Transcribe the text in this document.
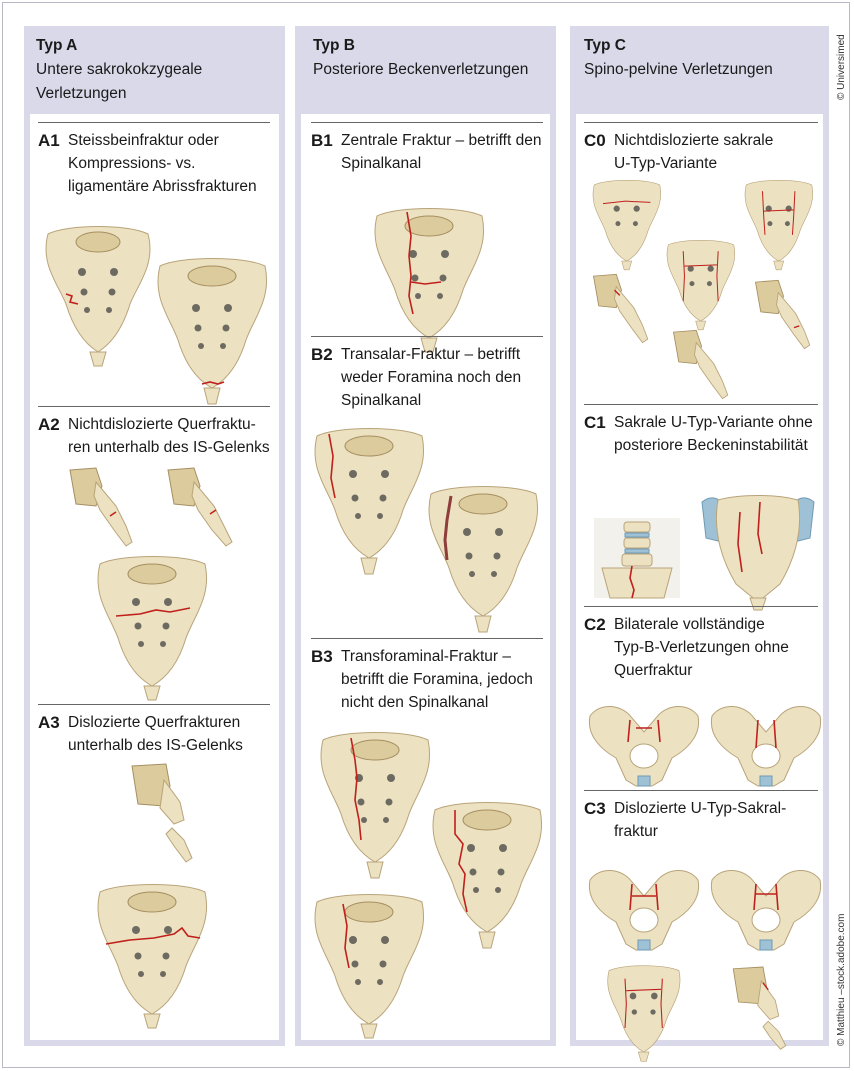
Typ A
Untere sakrokokzygeale
Verletzungen
A1 Steissbeinfraktur oder
Kompressions- vs.
ligamentäre Abrissfrakturen
A2 Nichtdislozierte Querfraktu-
ren unterhalb des IS-Gelenks
A3 Dislozierte Querfrakturen
unterhalb des IS-Gelenks
Typ B
Posteriore Beckenverletzungen
B1 Zentrale Fraktur – betrifft den
Spinalkanal
B2 Transalar-Fraktur – betrifft
weder Foramina noch den
Spinalkanal
B3 Transforaminal-Fraktur –
betrifft die Foramina, jedoch
nicht den Spinalkanal
Typ C
Spino-pelvine Verletzungen
C0 Nichtdislozierte sakrale
U-Typ-Variante
C1 Sakrale U-Typ-Variante ohne
posteriore Beckeninstabilität
C2 Bilaterale vollständige
Typ-B-Verletzungen ohne
Querfraktur
C3 Dislozierte U-Typ-Sakral-
fraktur
© Universimed
© Matthieu –stock.adobe.com
